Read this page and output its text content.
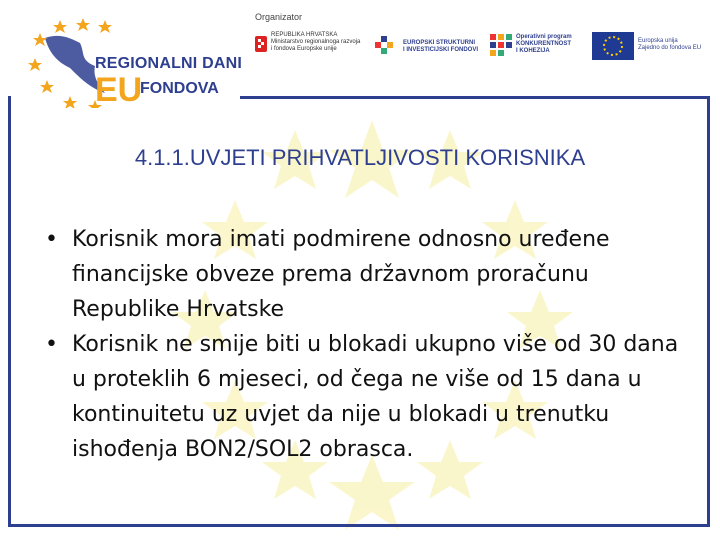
REGIONALNI DANI
EU
FONDOVA
Organizator
REPUBLIKA HRVATSKA
Ministarstvo regionalnoga razvoja
i fondova Europske unije
EUROPSKI STRUKTURNI
I INVESTICIJSKI FONDOVI
Operativni program
KONKURENTNOST
I KOHEZIJA
Europska unija
Zajedno do fondova EU
4.1.1.UVJETI PRIHVATLJIVOSTI KORISNIKA
• Korisnik mora imati podmirene odnosno uređene financijske obveze prema državnom proračunu Republike Hrvatske
• Korisnik ne smije biti u blokadi ukupno više od 30 dana u proteklih 6 mjeseci, od čega ne više od 15 dana u kontinuitetu uz uvjet da nije u blokadi u trenutku ishođenja BON2/SOL2 obrasca.
